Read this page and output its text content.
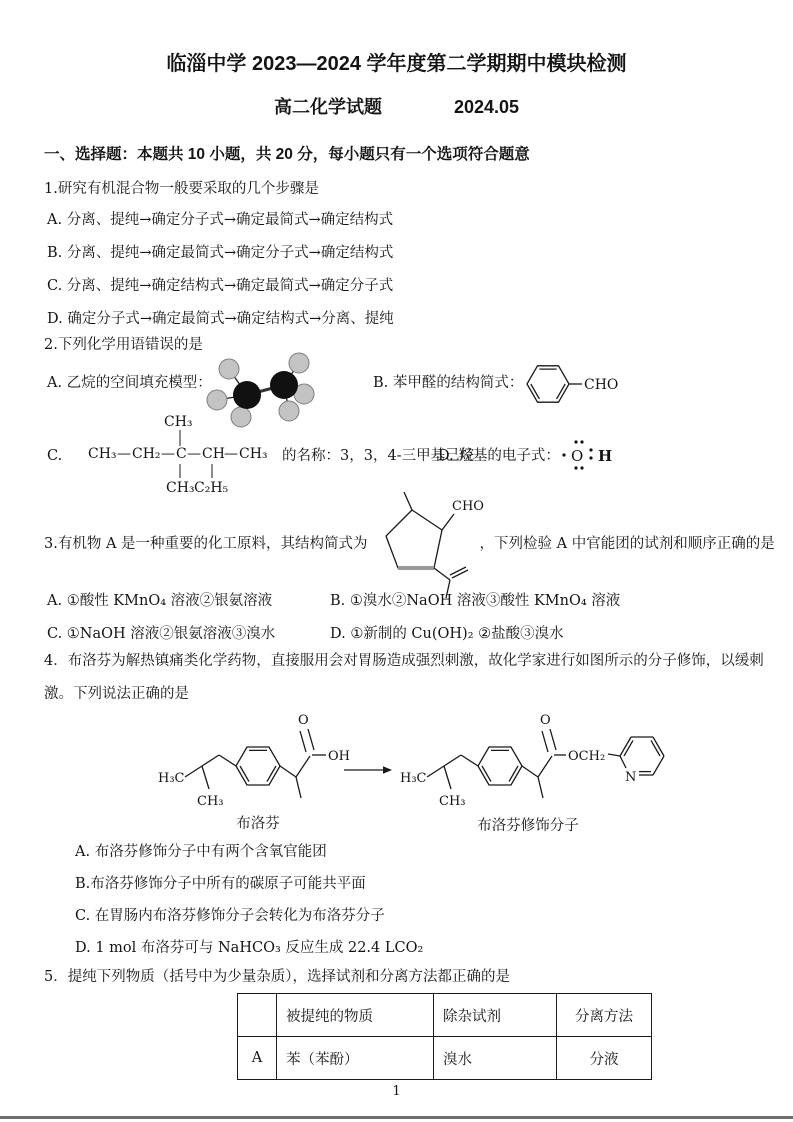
临淄中学 2023—2024 学年度第二学期期中模块检测
高二化学试题	2024.05
一、选择题：本题共 10 小题，共 20 分，每小题只有一个选项符合题意
1.研究有机混合物一般要采取的几个步骤是
A. 分离、提纯→确定分子式→确定最简式→确定结构式
B. 分离、提纯→确定最简式→确定分子式→确定结构式
C. 分离、提纯→确定结构式→确定最简式→确定分子式
D. 确定分子式→确定最简式→确定结构式→分离、提纯
2.下列化学用语错误的是
A. 乙烷的空间填充模型：	B. 苯甲醛的结构简式：	CHO
C.
CH₃
CH₃ — CH₂ — C — CH — CH₃
CH₃ C₂H₅
的名称：3，3，4-三甲基己烷
D. 羟基的电子式： O H
3.有机物 A 是一种重要的化工原料，其结构简式为
CHO
，下列检验 A 中官能团的试剂和顺序正确的是
A. ①酸性 KMnO₄ 溶液②银氨溶液	B. ①溴水②NaOH 溶液③酸性 KMnO₄ 溶液
C. ①NaOH 溶液②银氨溶液③溴水	D. ①新制的 Cu(OH)₂ ②盐酸③溴水
4．布洛芬为解热镇痛类化学药物，直接服用会对胃肠造成强烈刺激，故化学家进行如图所示的分子修饰，以缓刺
激。下列说法正确的是
H₃C
CH₃
O
OH
H₃C
CH₃
O
OCH₂
N
布洛芬	布洛芬修饰分子
A. 布洛芬修饰分子中有两个含氧官能团
B.布洛芬修饰分子中所有的碳原子可能共平面
C. 在胃肠内布洛芬修饰分子会转化为布洛芬分子
D. 1 mol 布洛芬可与 NaHCO₃ 反应生成 22.4 LCO₂
5．提纯下列物质（括号中为少量杂质），选择试剂和分离方法都正确的是
	被提纯的物质	除杂试剂	分离方法
A	苯（苯酚）	溴水	分液
1
